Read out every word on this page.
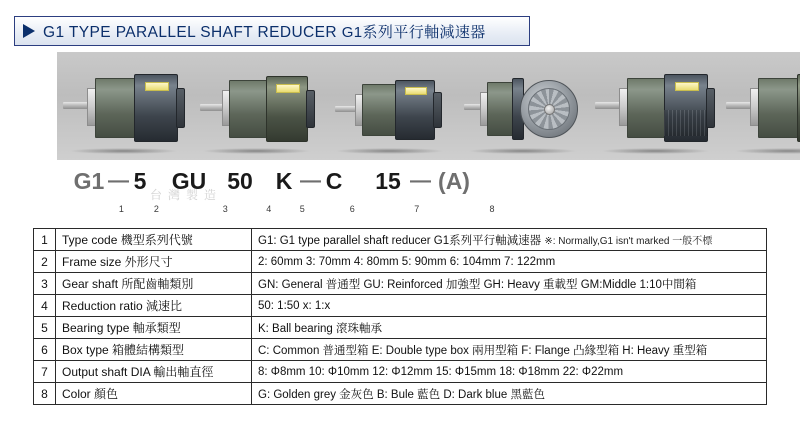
G1 TYPE PARALLEL SHAFT REDUCER G1系列平行軸減速器
台灣製造
G1
1
— 5
2
GU
3
50
4
K
5
— C
6
15
7
— (A)
8
1	Type code 機型系列代號	G1: G1 type parallel shaft reducer G1系列平行軸減速器 ※: Normally,G1 isn't marked 一般不標
2	Frame size 外形尺寸	2: 60mm 3: 70mm 4: 80mm 5: 90mm 6: 104mm 7: 122mm
3	Gear shaft 所配齒軸類別	GN: General 普通型 GU: Reinforced 加強型 GH: Heavy 重載型 GM:Middle 1:10中間箱
4	Reduction ratio 減速比	50: 1:50 x: 1:x
5	Bearing type 軸承類型	K: Ball bearing 滾珠軸承
6	Box type 箱體結構類型	C: Common 普通型箱 E: Double type box 兩用型箱 F: Flange 凸緣型箱 H: Heavy 重型箱
7	Output shaft DIA 輸出軸直徑	8: Φ8mm 10: Φ10mm 12: Φ12mm 15: Φ15mm 18: Φ18mm 22: Φ22mm
8	Color 顏色	G: Golden grey 金灰色 B: Bule 藍色 D: Dark blue 黑藍色
